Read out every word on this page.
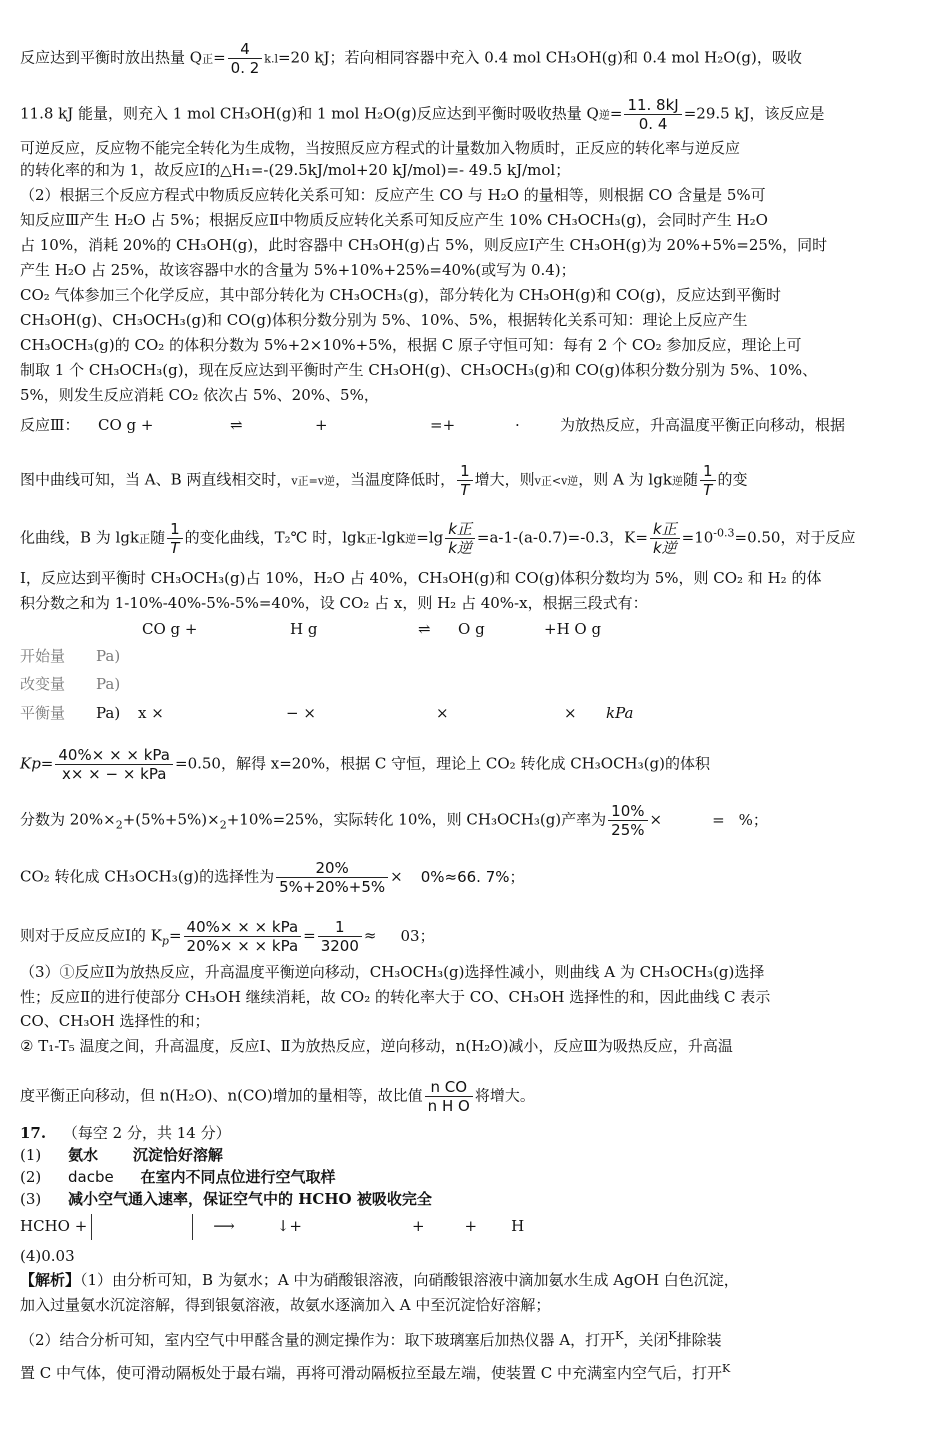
反应达到平衡时放出热量 Q正= $\frac{4}{0. 2} k.l=20$ kJ；若向相同容器中充入 0.4 mol CH₃OH(g)和 0.4 mol H₂O(g)，吸收
11.8 kJ 能量，则充入 1 mol CH₃OH(g)和 1 mol H₂O(g)反应达到平衡时吸收热量 Q逆= $\frac{11. 8kJ}{0. 4} =29.5$ kJ，该反应是
可逆反应，反应物不能完全转化为生成物，当按照反应方程式的计量数加入物质时，正反应的转化率与逆反应
的转化率的和为 1，故反应Ⅰ的△H₁=-(29.5kJ/mol+20 kJ/mol)=- 49.5 kJ/mol；
（2）根据三个反应方程式中物质反应转化关系可知：反应产生 CO 与 H₂O 的量相等，则根据 CO 含量是 5%可
知反应Ⅲ产生 H₂O 占 5%；根据反应Ⅱ中物质反应转化关系可知反应产生 10% CH₃OCH₃(g)，会同时产生 H₂O
占 10%，消耗 20%的 CH₃OH(g)，此时容器中 CH₃OH(g)占 5%，则反应Ⅰ产生 CH₃OH(g)为 20%+5%=25%，同时
产生 H₂O 占 25%，故该容器中水的含量为 5%+10%+25%=40%(或写为 0.4)；
CO₂ 气体参加三个化学反应，其中部分转化为 CH₃OCH₃(g)，部分转化为 CH₃OH(g)和 CO(g)，反应达到平衡时
CH₃OH(g)、CH₃OCH₃(g)和 CO(g)体积分数分别为 5%、10%、5%，根据转化关系可知：理论上反应产生
CH₃OCH₃(g)的 CO₂ 的体积分数为 5%+2×10%+5%，根据 C 原子守恒可知：每有 2 个 CO₂ 参加反应，理论上可
制取 1 个 CH₃OCH₃(g)，现在反应达到平衡时产生 CH₃OH(g)、CH₃OCH₃(g)和 CO(g)体积分数分别为 5%、10%、
5%，则发生反应消耗 CO₂ 依次占 5%、20%、5%，
反应Ⅲ： CO g +	⇌	+	=+	·	为放热反应，升高温度平衡正向移动，根据
图中曲线可知，当 A、B 两直线相交时，v正=v逆，当温度降低时， $\frac{1}{T}$ 增大，则v正<v逆，则 A 为 lgk逆随 $\frac{1}{T}$ 的变
化曲线，B 为 lgk正随 $\frac{1}{T}$ 的变化曲线，T₂℃ 时，lgk正-lgk逆$=\lg \frac{\text{k正}}{\text{k逆}} =a-1-(a-0.7)=-0.3$，$K= \frac{\text{k正}}{\text{k逆}} =10^{-0.3}=0.50$，对于反应
Ⅰ，反应达到平衡时 CH₃OCH₃(g)占 10%，H₂O 占 40%，CH₃OH(g)和 CO(g)体积分数均为 5%，则 CO₂ 和 H₂ 的体
积分数之和为 1-10%-40%-5%-5%=40%，设 CO₂ 占 x，则 H₂ 占 40%-x，根据三段式有：
CO g +	H g	⇌ O g	+H O g
开始量 Pa)
改变量 Pa)
平衡量 Pa) x ×	− ×	×	× kPa
$Kp= \frac{\text{40\%× × × kPa}}{\text{x× × − × kPa}} =0.50$，解得 x=20%，根据 C 守恒，理论上 CO₂ 转化成 CH₃OCH₃(g)的体积
分数为 $20\%\times_2+(5\%+5\%)\times_2+10\%=25\%$，实际转化 10%，则 CH₃OCH₃(g)产率为 $\frac{10\%}{25\%}$ ×	= %；
CO₂ 转化成 CH₃OCH₃(g)的选择性为 $\frac{20\%}{5\%+20\%+5\%} \times 0\%\approx 66$. 7%；
则对于反应反应Ⅰ的 $K_p= \frac{\text{40\%× × × kPa}}{\text{20\%× × × kPa}} = \frac{1}{3200} \approx 03$；
（3）①反应Ⅱ为放热反应，升高温度平衡逆向移动，CH₃OCH₃(g)选择性减小，则曲线 A 为 CH₃OCH₃(g)选择
性；反应Ⅱ的进行使部分 CH₃OH 继续消耗，故 CO₂ 的转化率大于 CO、CH₃OH 选择性的和，因此曲线 C 表示
CO、CH₃OH 选择性的和；
② T₁-T₅ 温度之间，升高温度，反应Ⅰ、Ⅱ为放热反应，逆向移动，n(H₂O)减小，反应Ⅲ为吸热反应，升高温
度平衡正向移动，但 n(H₂O)、n(CO)增加的量相等，故比值 $\frac{\text{n CO}}{\text{n H O}}$ 将增大。
17. （每空 2 分，共 14 分）
(1) 氨水 沉淀恰好溶解
(2) dacbe 在室内不同点位进行空气取样
(3) 减小空气通入速率，保证空气中的 HCHO 被吸收完全
HCHO +	⟶	↓+	+	+ H
(4)0.03
【解析】（1）由分析可知，B 为氨水；A 中为硝酸银溶液，向硝酸银溶液中滴加氨水生成 AgOH 白色沉淀，
加入过量氨水沉淀溶解，得到银氨溶液，故氨水逐滴加入 A 中至沉淀恰好溶解；
（2）结合分析可知，室内空气中甲醛含量的测定操作为：取下玻璃塞后加热仪器 A，打开$^K$，关闭$^K$排除装
置 C 中气体，使可滑动隔板处于最右端，再将可滑动隔板拉至最左端，使装置 C 中充满室内空气后，打开$^K$
